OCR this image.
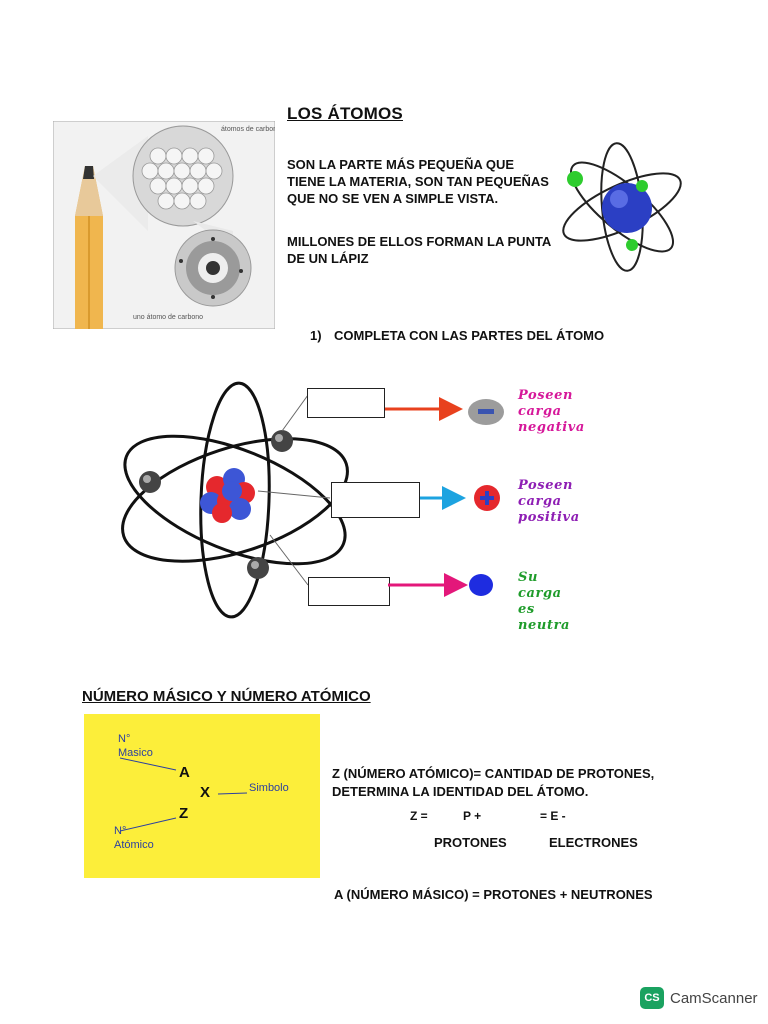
LOS ÁTOMOS
SON LA PARTE MÁS PEQUEÑA QUE TIENE LA MATERIA, SON TAN PEQUEÑAS QUE NO SE VEN A SIMPLE VISTA.
MILLONES DE ELLOS FORMAN LA PUNTA DE UN LÁPIZ
átomos de carbono
uno átomo de carbono
1) COMPLETA CON LAS PARTES DEL ÁTOMO
Poseen
carga
negativa
Poseen
carga
positiva
Su
carga
es
neutra
NÚMERO MÁSICO Y NÚMERO ATÓMICO
N°
Masico
A
X
Z
Simbolo
N°
Atómico
Z (NÚMERO ATÓMICO)= CANTIDAD DE PROTONES, DETERMINA LA IDENTIDAD DEL ÁTOMO.
Z =	P +	= E -
PROTONES	ELECTRONES
A (NÚMERO MÁSICO) = PROTONES + NEUTRONES
CS CamScanner
